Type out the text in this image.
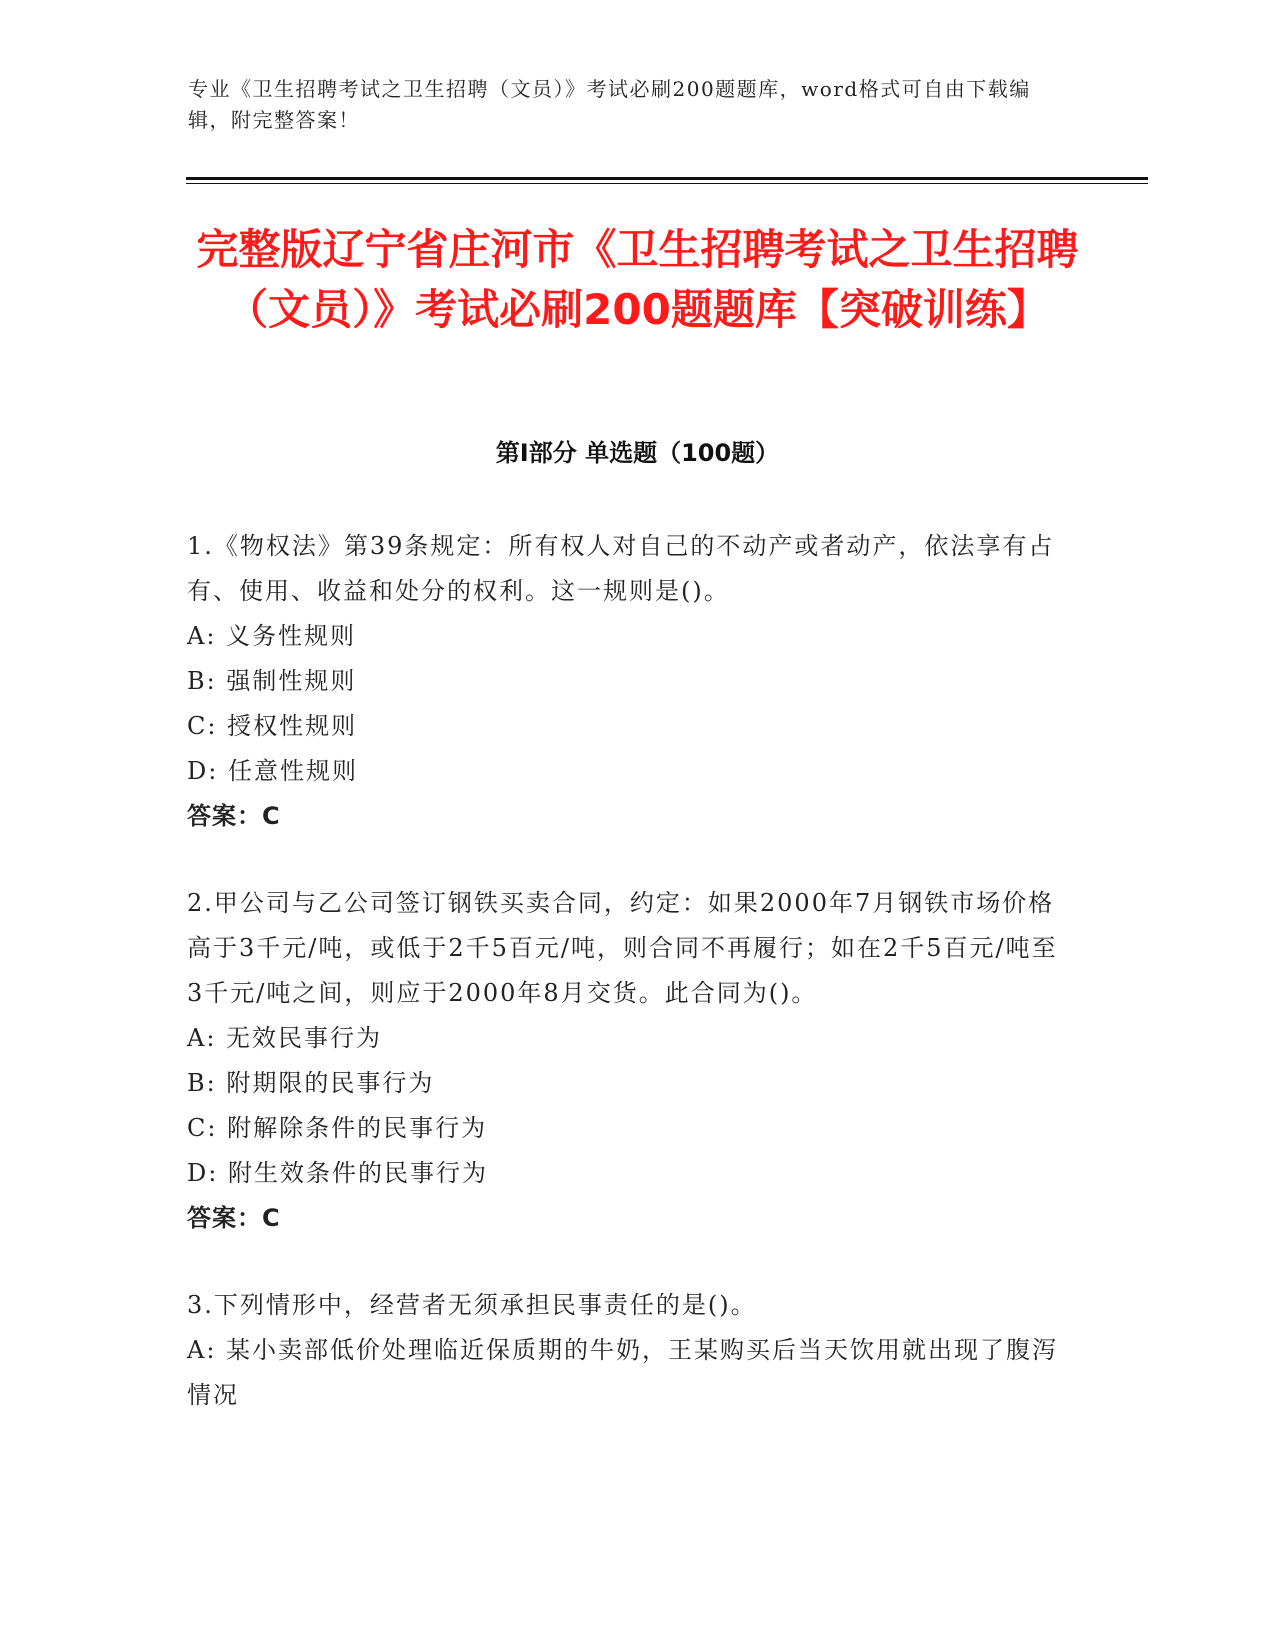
专业《卫生招聘考试之卫生招聘（文员）》考试必刷200题题库，word格式可自由下载编辑，附完整答案！
完整版辽宁省庄河市《卫生招聘考试之卫生招聘（文员）》考试必刷200题题库【突破训练】
第Ⅰ部分 单选题（100题）
1.《物权法》第39条规定：所有权人对自己的不动产或者动产，依法享有占有、使用、收益和处分的权利。这一规则是()。
A: 义务性规则
B: 强制性规则
C: 授权性规则
D: 任意性规则
答案：C
2.甲公司与乙公司签订钢铁买卖合同，约定：如果2000年7月钢铁市场价格高于3千元/吨，或低于2千5百元/吨，则合同不再履行；如在2千5百元/吨至3千元/吨之间，则应于2000年8月交货。此合同为()。
A: 无效民事行为
B: 附期限的民事行为
C: 附解除条件的民事行为
D: 附生效条件的民事行为
答案：C
3.下列情形中，经营者无须承担民事责任的是()。
A: 某小卖部低价处理临近保质期的牛奶，王某购买后当天饮用就出现了腹泻情况
